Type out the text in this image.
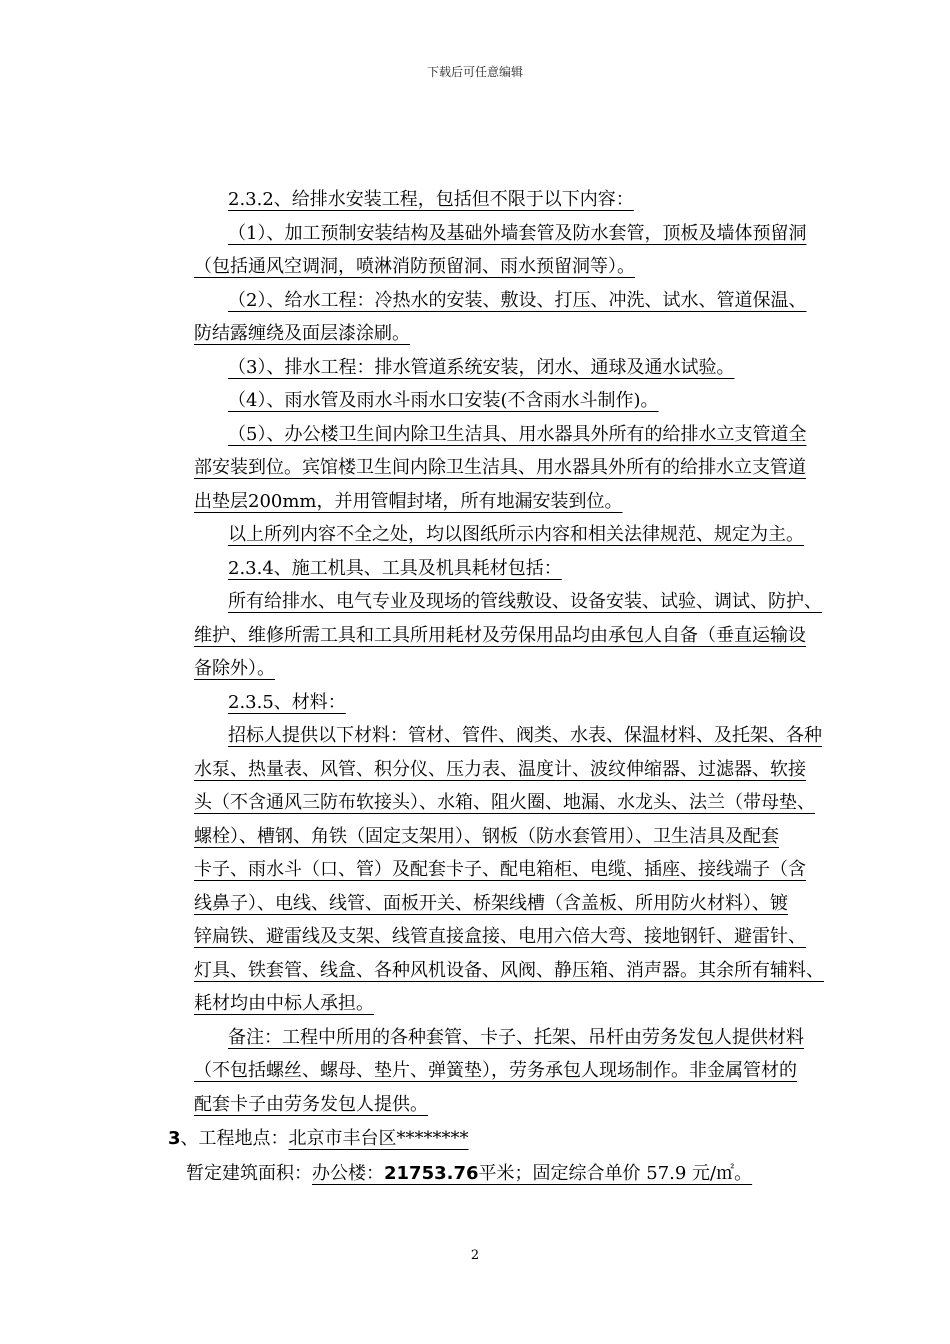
下载后可任意编辑
2.3.2、给排水安装工程，包括但不限于以下内容：
（1）、加工预制安装结构及基础外墙套管及防水套管，顶板及墙体预留洞
（包括通风空调洞，喷淋消防预留洞、雨水预留洞等）。
（2）、给水工程：冷热水的安装、敷设、打压、冲洗、试水、管道保温、
防结露缠绕及面层漆涂刷。
（3）、排水工程：排水管道系统安装，闭水、通球及通水试验。
（4）、雨水管及雨水斗雨水口安装(不含雨水斗制作)。
（5）、办公楼卫生间内除卫生洁具、用水器具外所有的给排水立支管道全
部安装到位。宾馆楼卫生间内除卫生洁具、用水器具外所有的给排水立支管道
出垫层200mm，并用管帽封堵，所有地漏安装到位。
以上所列内容不全之处，均以图纸所示内容和相关法律规范、规定为主。
2.3.4、施工机具、工具及机具耗材包括：
所有给排水、电气专业及现场的管线敷设、设备安装、试验、调试、防护、
维护、维修所需工具和工具所用耗材及劳保用品均由承包人自备（垂直运输设
备除外）。
2.3.5、材料：
招标人提供以下材料：管材、管件、阀类、水表、保温材料、及托架、各种
水泵、热量表、风管、积分仪、压力表、温度计、波纹伸缩器、过滤器、软接
头（不含通风三防布软接头）、水箱、阻火圈、地漏、水龙头、法兰（带母垫、
螺栓）、槽钢、角铁（固定支架用）、钢板（防水套管用）、卫生洁具及配套
卡子、雨水斗（口、管）及配套卡子、配电箱柜、电缆、插座、接线端子（含
线鼻子）、电线、线管、面板开关、桥架线槽（含盖板、所用防火材料）、镀
锌扁铁、避雷线及支架、线管直接盒接、电用六倍大弯、接地钢钎、避雷针、
灯具、铁套管、线盒、各种风机设备、风阀、静压箱、消声器。其余所有辅料、
耗材均由中标人承担。
备注：工程中所用的各种套管、卡子、托架、吊杆由劳务发包人提供材料
（不包括螺丝、螺母、垫片、弹簧垫），劳务承包人现场制作。非金属管材的
配套卡子由劳务发包人提供。
3、工程地点：北京市丰台区********
暂定建筑面积：办公楼：21753.76平米；固定综合单价 57.9 元/㎡。
2
